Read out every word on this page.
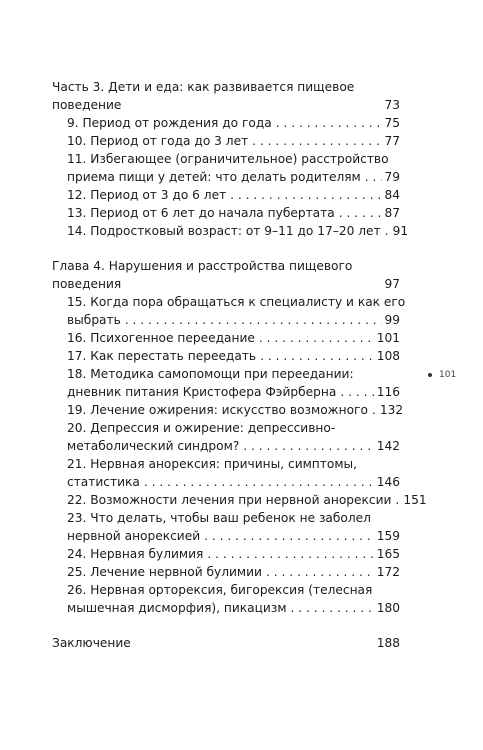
Часть 3. Дети и еда: как развивается пищевое
поведение	73
9. Период от рождения до года . . .	75
10. Период от года до 3 лет . . .	77
11. Избегающее (ограничительное) расстройство
приема пищи у детей: что делать родителям . . . 79
12. Период от 3 до 6 лет . . .	84
13. Период от 6 лет до начала пубертата . . .	87
14. Подростковый возраст: от 9–11 до 17–20 лет . . . 91
Глава 4. Нарушения и расстройства пищевого
поведения	97
15. Когда пора обращаться к специалисту и как его
выбрать . . .	99
16. Психогенное переедание . . .	101
17. Как перестать переедать . . .	108
18. Методика самопомощи при переедании:
дневник питания Кристофера Фэйрберна . . .	116
19. Лечение ожирения: искусство возможного . . . 132
20. Депрессия и ожирение: депрессивно-
метаболический синдром? . . .	142
21. Нервная анорексия: причины, симптомы,
статистика . . .	146
22. Возможности лечения при нервной анорексии . . . 151
23. Что делать, чтобы ваш ребенок не заболел
нервной анорексией . . .	159
24. Нервная булимия . . .	165
25. Лечение нервной булимии . . .	172
26. Нервная орторексия, бигорексия (телесная
мышечная дисморфия), пикацизм . . .	180
Заключение	188
101
